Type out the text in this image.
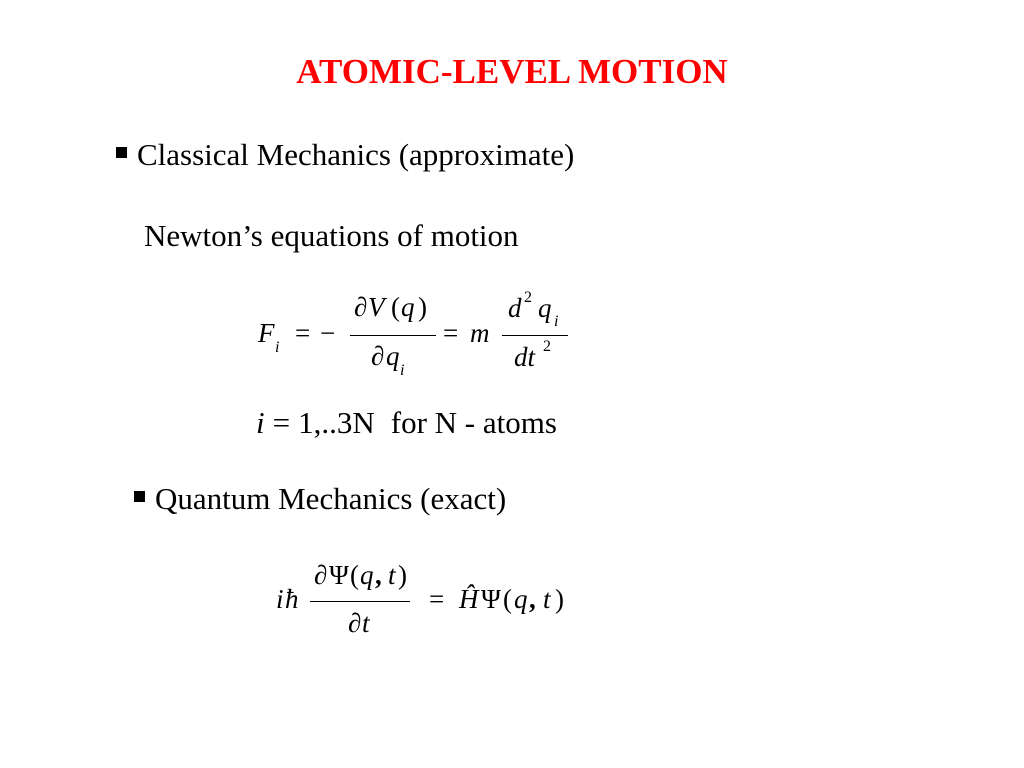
ATOMIC-LEVEL MOTION
Classical Mechanics (approximate)
Newton’s equations of motion
F i = −
∂ V ( q )
∂ q i
= m
d 2 q i
dt 2
i = 1,..3N for N - atoms
Quantum Mechanics (exact)
i ħ
∂ Ψ ( q , t )
∂ t
= Ĥ Ψ ( q , t )
